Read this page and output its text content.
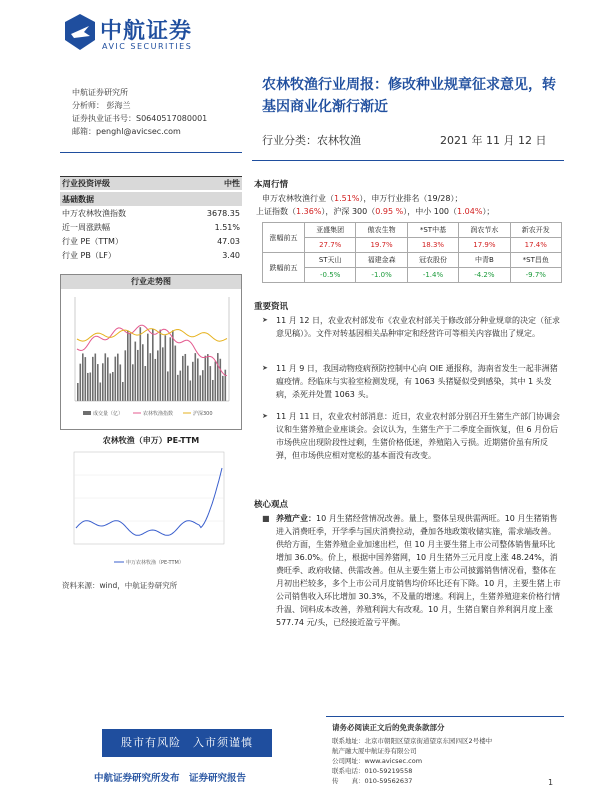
中航证券
AVIC SECURITIES
中航证券研究所
分析师： 彭海兰
证券执业证书号：S0640517080001
邮箱：penghl@avicsec.com
农林牧渔行业周报：修改种业规章征求意见，转基因商业化渐行渐近
行业分类：农林牧渔	2021 年 11 月 12 日
行业投资评级	中性
基础数据
中万农林牧渔指数	3678.35
近一周涨跌幅	1.51%
行业 PE（TTM）	47.03
行业 PB（LF）	3.40
行业走势图
成交量（亿）	农林牧渔指数	沪深300
农林牧渔（申万）PE-TTM
申万农林牧渔（PE-TTM）
资料来源：wind，中航证券研究所
本周行情
申万农林牧渔行业（1.51%），申万行业排名（19/28）；
上证指数（1.36%），沪深 300（0.95 %），中小 100（1.04%）；
涨幅前五	亚盛集团	傲农生物	*ST中基	润农节水	新农开发
	27.7%	19.7%	18.3%	17.9%	17.4%
跌幅前五	ST天山	福建金森	冠农股份	中青B	*ST昌鱼
	-0.5%	-1.0%	-1.4%	-4.2%	-9.7%
重要资讯
➤	11 月 12 日，农业农村部发布《农业农村部关于修改部分种业规章的决定（征求意见稿）》。文件对转基因相关品种审定和经营许可等相关内容做出了规定。
➤	11 月 9 日，我国动物疫病预防控制中心向 OIE 通报称，海南省发生一起非洲猪瘟疫情。经临床与实验室检测发现，有 1063 头猪疑似受到感染，其中 1 头发病，杀死并处置 1063 头。
➤	11 月 11 日，农业农村部消息：近日，农业农村部分别召开生猪生产部门协调会议和生猪养殖企业座谈会。会议认为，生猪生产于二季度全面恢复，但 6 月份后市场供应出现阶段性过剩，生猪价格低迷，养殖陷入亏损。近期猪价虽有所反弹，但市场供应相对宽松的基本面没有改变。
核心观点
■ 养殖产业：10 月生猪经营情况改善。量上，整体呈现供需两旺。10 月生猪销售进入消费旺季，开学季与国庆消费拉动，叠加各地政策收储实施，需求端改善。供给方面，生猪养殖企业加速出栏，但 10 月主要生猪上市公司整体销售量环比增加 36.0%。价上，根据中国养猪网，10 月生猪外三元月度上涨 48.24%，消费旺季、政府收储、供需改善。但从主要生猪上市公司披露销售情况看，整体在月初出栏较多，多个上市公司月度销售均价环比还有下降。10 月，主要生猪上市公司销售收入环比增加 30.3%，不及量的增速。利润上，生猪养殖迎来价格行情升温、饲料成本改善，养殖利润大有改观。10 月，生猪自繁自养利润月度上涨 577.74 元/头，已经接近盈亏平衡。
股市有风险　入市须谨慎
中航证券研究所发布　证券研究报告
请务必阅读正文后的免责条款部分
联系地址：北京市朝阳区望京街道望京东园四区2号楼中
航产融大厦中航证券有限公司
公司网址：www.avicsec.com
联系电话：010-59219558
传　　真：010-59562637	1
